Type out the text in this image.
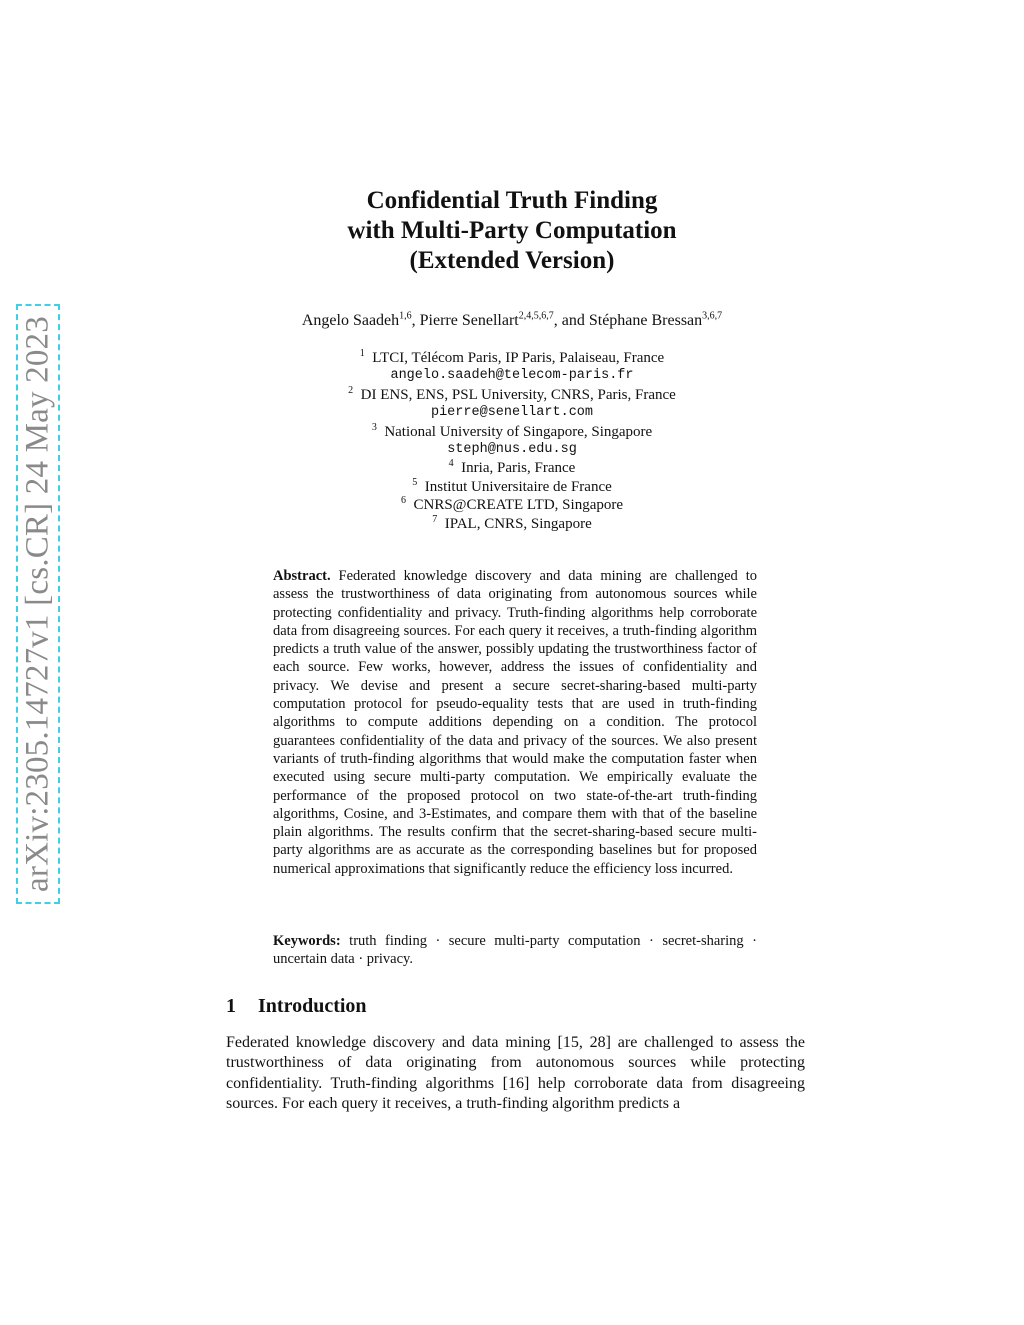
arXiv:2305.14727v1 [cs.CR] 24 May 2023
Confidential Truth Finding
with Multi-Party Computation
(Extended Version)
Angelo Saadeh$^{1,6}$, Pierre Senellart$^{2,4,5,6,7}$, and Stéphane Bressan$^{3,6,7}$
$^1$ LTCI, Télécom Paris, IP Paris, Palaiseau, France
angelo.saadeh@telecom-paris.fr
$^2$ DI ENS, ENS, PSL University, CNRS, Paris, France
pierre@senellart.com
$^3$ National University of Singapore, Singapore
steph@nus.edu.sg
$^4$ Inria, Paris, France
$^5$ Institut Universitaire de France
$^6$ CNRS@CREATE LTD, Singapore
$^7$ IPAL, CNRS, Singapore
Abstract. Federated knowledge discovery and data mining are challenged to assess the trustworthiness of data originating from autonomous sources while protecting confidentiality and privacy. Truth-finding algorithms help corroborate data from disagreeing sources. For each query it receives, a truth-finding algorithm predicts a truth value of the answer, possibly updating the trustworthiness factor of each source. Few works, however, address the issues of confidentiality and privacy. We devise and present a secure secret-sharing-based multi-party computation protocol for pseudo-equality tests that are used in truth-finding algorithms to compute additions depending on a condition. The protocol guarantees confidentiality of the data and privacy of the sources. We also present variants of truth-finding algorithms that would make the computation faster when executed using secure multi-party computation. We empirically evaluate the performance of the proposed protocol on two state-of-the-art truth-finding algorithms, Cosine, and 3-Estimates, and compare them with that of the baseline plain algorithms. The results confirm that the secret-sharing-based secure multi-party algorithms are as accurate as the corresponding baselines but for proposed numerical approximations that significantly reduce the efficiency loss incurred.
Keywords: truth finding · secure multi-party computation · secret-sharing · uncertain data · privacy.
1 Introduction
Federated knowledge discovery and data mining [15, 28] are challenged to assess the trustworthiness of data originating from autonomous sources while protecting confidentiality. Truth-finding algorithms [16] help corroborate data from disagreeing sources. For each query it receives, a truth-finding algorithm predicts a
